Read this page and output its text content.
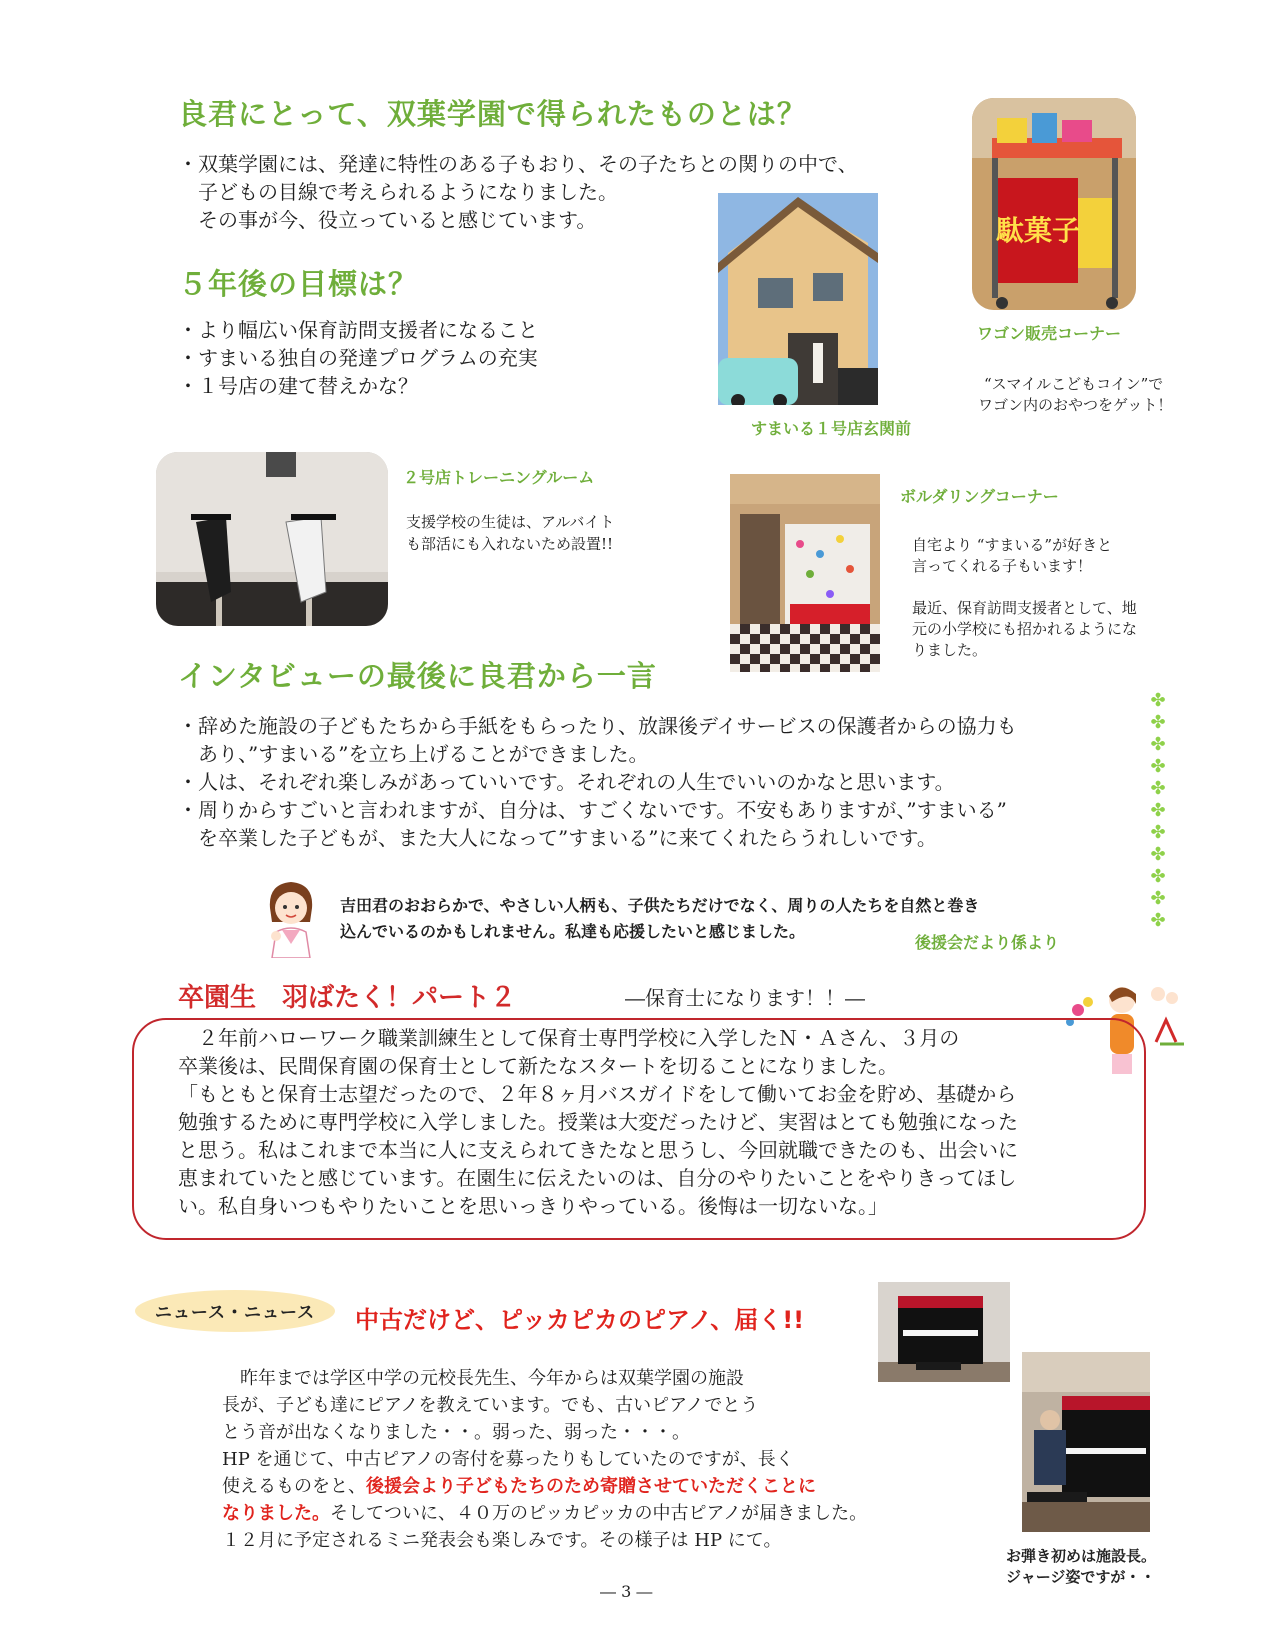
良君にとって、双葉学園で得られたものとは？
・双葉学園には、発達に特性のある子もおり、その子たちとの関りの中で、
子どもの目線で考えられるようになりました。
その事が今、役立っていると感じています。
５年後の目標は？
・より幅広い保育訪問支援者になること
・すまいる独自の発達プログラムの充実
・１号店の建て替えかな？
すまいる１号店玄関前
駄菓子
ワゴン販売コーナー
“スマイルこどもコイン”で
ワゴン内のおやつをゲット！
２号店トレーニングルーム
支援学校の生徒は、アルバイト
も部活にも入れないため設置!!
ボルダリングコーナー
自宅より “すまいる”が好きと
言ってくれる子もいます！
最近、保育訪問支援者として、地
元の小学校にも招かれるようにな
りました。
インタビューの最後に良君から一言
・辞めた施設の子どもたちから手紙をもらったり、放課後デイサービスの保護者からの協力も
あり、”すまいる”を立ち上げることができました。
・人は、それぞれ楽しみがあっていいです。それぞれの人生でいいのかなと思います。
・周りからすごいと言われますが、自分は、すごくないです。不安もありますが、”すまいる”
を卒業した子どもが、また大人になって”すまいる”に来てくれたらうれしいです。
✤
✤
✤
✤
✤
✤
✤
✤
✤
✤
✤
吉田君のおおらかで、やさしい人柄も、子供たちだけでなく、周りの人たちを自然と巻き
込んでいるのかもしれません。私達も応援したいと感じました。
後援会だより係より
卒園生　羽ばたく！パート２	―保育士になります！！―
　２年前ハローワーク職業訓練生として保育士専門学校に入学したＮ・Ａさん、３月の
卒業後は、民間保育園の保育士として新たなスタートを切ることになりました。
「もともと保育士志望だったので、２年８ヶ月バスガイドをして働いてお金を貯め、基礎から
勉強するために専門学校に入学しました。授業は大変だったけど、実習はとても勉強になった
と思う。私はこれまで本当に人に支えられてきたなと思うし、今回就職できたのも、出会いに
恵まれていたと感じています。在園生に伝えたいのは、自分のやりたいことをやりきってほし
い。私自身いつもやりたいことを思いっきりやっている。後悔は一切ないな。」
ニュース・ニュース	中古だけど、ピッカピカのピアノ、届く!!
　昨年までは学区中学の元校長先生、今年からは双葉学園の施設
長が、子ども達にピアノを教えています。でも、古いピアノでとう
とう音が出なくなりました・・。弱った、弱った・・・。
HP を通じて、中古ピアノの寄付を募ったりもしていたのですが、長く
使えるものをと、後援会より子どもたちのため寄贈させていただくことに
なりました。そしてついに、４０万のピッカピッカの中古ピアノが届きました。
１２月に予定されるミニ発表会も楽しみです。その様子は HP にて。
お弾き初めは施設長。
ジャージ姿ですが・・
― 3 ―
